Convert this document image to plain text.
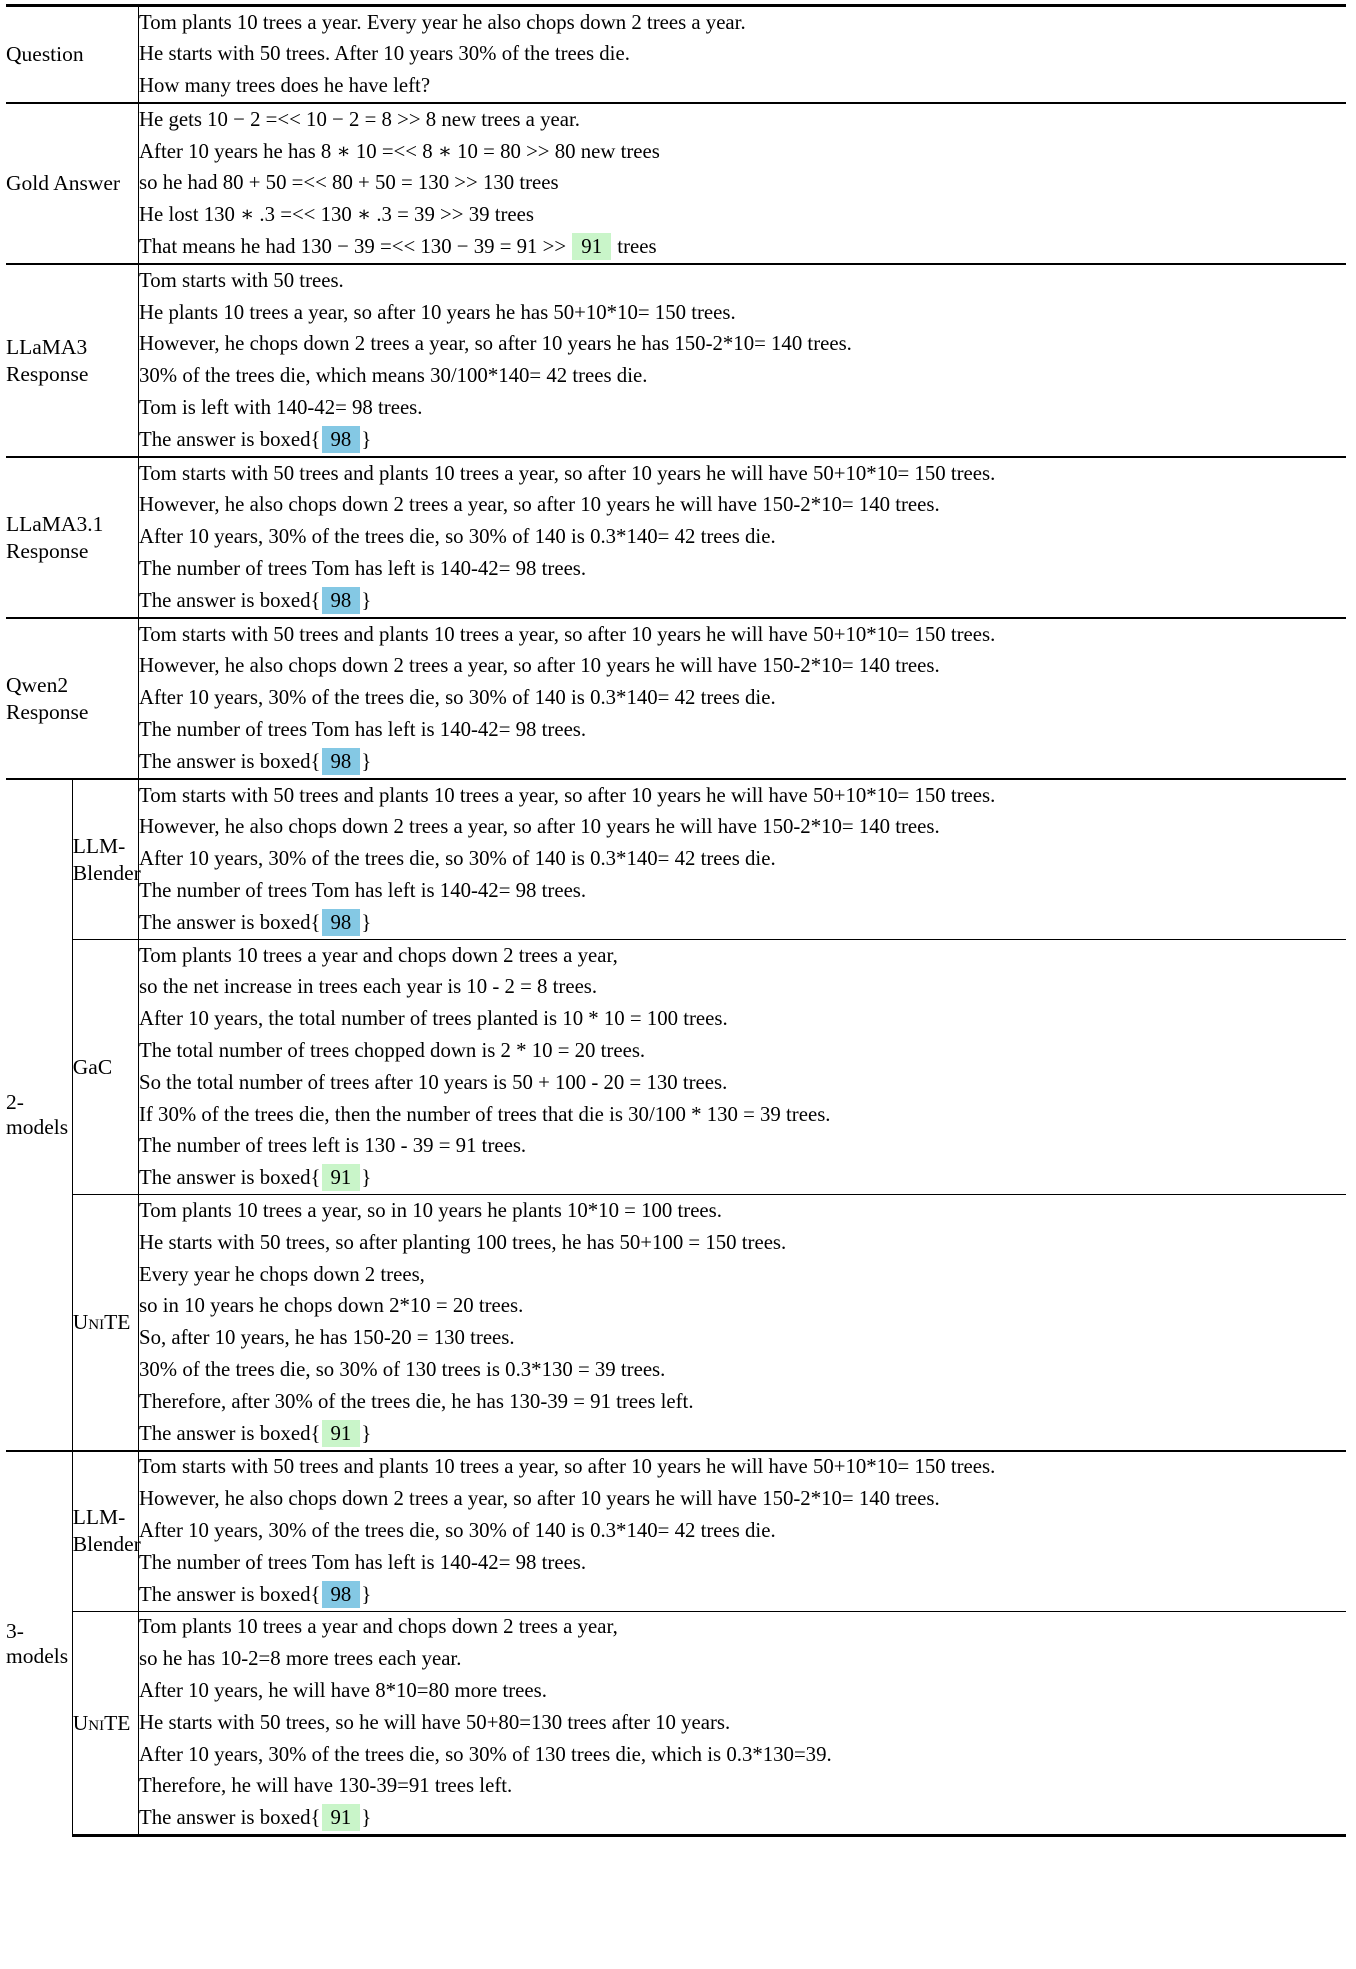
Question		Tom plants 10 trees a year. Every year he also chops down 2 trees a year.
He starts with 50 trees. After 10 years 30% of the trees die.
How many trees does he have left?

Gold Answer		He gets 10 − 2 =<< 10 − 2 = 8 >> 8 new trees a year.
After 10 years he has 8 ∗ 10 =<< 8 ∗ 10 = 80 >> 80 new trees
so he had 80 + 50 =<< 80 + 50 = 130 >> 130 trees
He lost 130 ∗ .3 =<< 130 ∗ .3 = 39 >> 39 trees
That means he had 130 − 39 =<< 130 − 39 = 91 >> 91 trees

LLaMA3 Response	
Tom starts with 50 trees.
He plants 10 trees a year, so after 10 years he has 50+10*10= 150 trees.
However, he chops down 2 trees a year, so after 10 years he has 150-2*10= 140 trees.
30% of the trees die, which means 30/100*140= 42 trees die.
Tom is left with 140-42= 98 trees.
The answer is boxed{ 98 }

LLaMA3.1 Response		Tom starts with 50 trees and plants 10 trees a year, so after 10 years he will have 50+10*10= 150 trees.
However, he also chops down 2 trees a year, so after 10 years he will have 150-2*10= 140 trees.
After 10 years, 30% of the trees die, so 30% of 140 is 0.3*140= 42 trees die.
The number of trees Tom has left is 140-42= 98 trees.
The answer is boxed{ 98 }

Qwen2 Response		Tom starts with 50 trees and plants 10 trees a year, so after 10 years he will have 50+10*10= 150 trees.
However, he also chops down 2 trees a year, so after 10 years he will have 150-2*10= 140 trees.
After 10 years, 30% of the trees die, so 30% of 140 is 0.3*140= 42 trees die.
The number of trees Tom has left is 140-42= 98 trees.
The answer is boxed{ 98 }

2-models	LLM-Blender	Tom starts with 50 trees and plants 10 trees a year, so after 10 years he will have 50+10*10= 150 trees.
However, he also chops down 2 trees a year, so after 10 years he will have 150-2*10= 140 trees.
After 10 years, 30% of the trees die, so 30% of 140 is 0.3*140= 42 trees die.
The number of trees Tom has left is 140-42= 98 trees.
The answer is boxed{ 98 }

GaC	
Tom plants 10 trees a year and chops down 2 trees a year,
so the net increase in trees each year is 10 - 2 = 8 trees.
After 10 years, the total number of trees planted is 10 * 10 = 100 trees.
The total number of trees chopped down is 2 * 10 = 20 trees.
So the total number of trees after 10 years is 50 + 100 - 20 = 130 trees.
If 30% of the trees die, then the number of trees that die is 30/100 * 130 = 39 trees.
The number of trees left is 130 - 39 = 91 trees.
The answer is boxed{ 91 }

UniTE	
Tom plants 10 trees a year, so in 10 years he plants 10*10 = 100 trees.
He starts with 50 trees, so after planting 100 trees, he has 50+100 = 150 trees.
Every year he chops down 2 trees,
so in 10 years he chops down 2*10 = 20 trees.
So, after 10 years, he has 150-20 = 130 trees.
30% of the trees die, so 30% of 130 trees is 0.3*130 = 39 trees.
Therefore, after 30% of the trees die, he has 130-39 = 91 trees left.
The answer is boxed{ 91 }

3-models	LLM-Blender	Tom starts with 50 trees and plants 10 trees a year, so after 10 years he will have 50+10*10= 150 trees.
However, he also chops down 2 trees a year, so after 10 years he will have 150-2*10= 140 trees.
After 10 years, 30% of the trees die, so 30% of 140 is 0.3*140= 42 trees die.
The number of trees Tom has left is 140-42= 98 trees.
The answer is boxed{ 98 }

UniTE	
Tom plants 10 trees a year and chops down 2 trees a year,
so he has 10-2=8 more trees each year.
After 10 years, he will have 8*10=80 more trees.
He starts with 50 trees, so he will have 50+80=130 trees after 10 years.
After 10 years, 30% of the trees die, so 30% of 130 trees die, which is 0.3*130=39.
Therefore, he will have 130-39=91 trees left.
The answer is boxed{ 91 }
